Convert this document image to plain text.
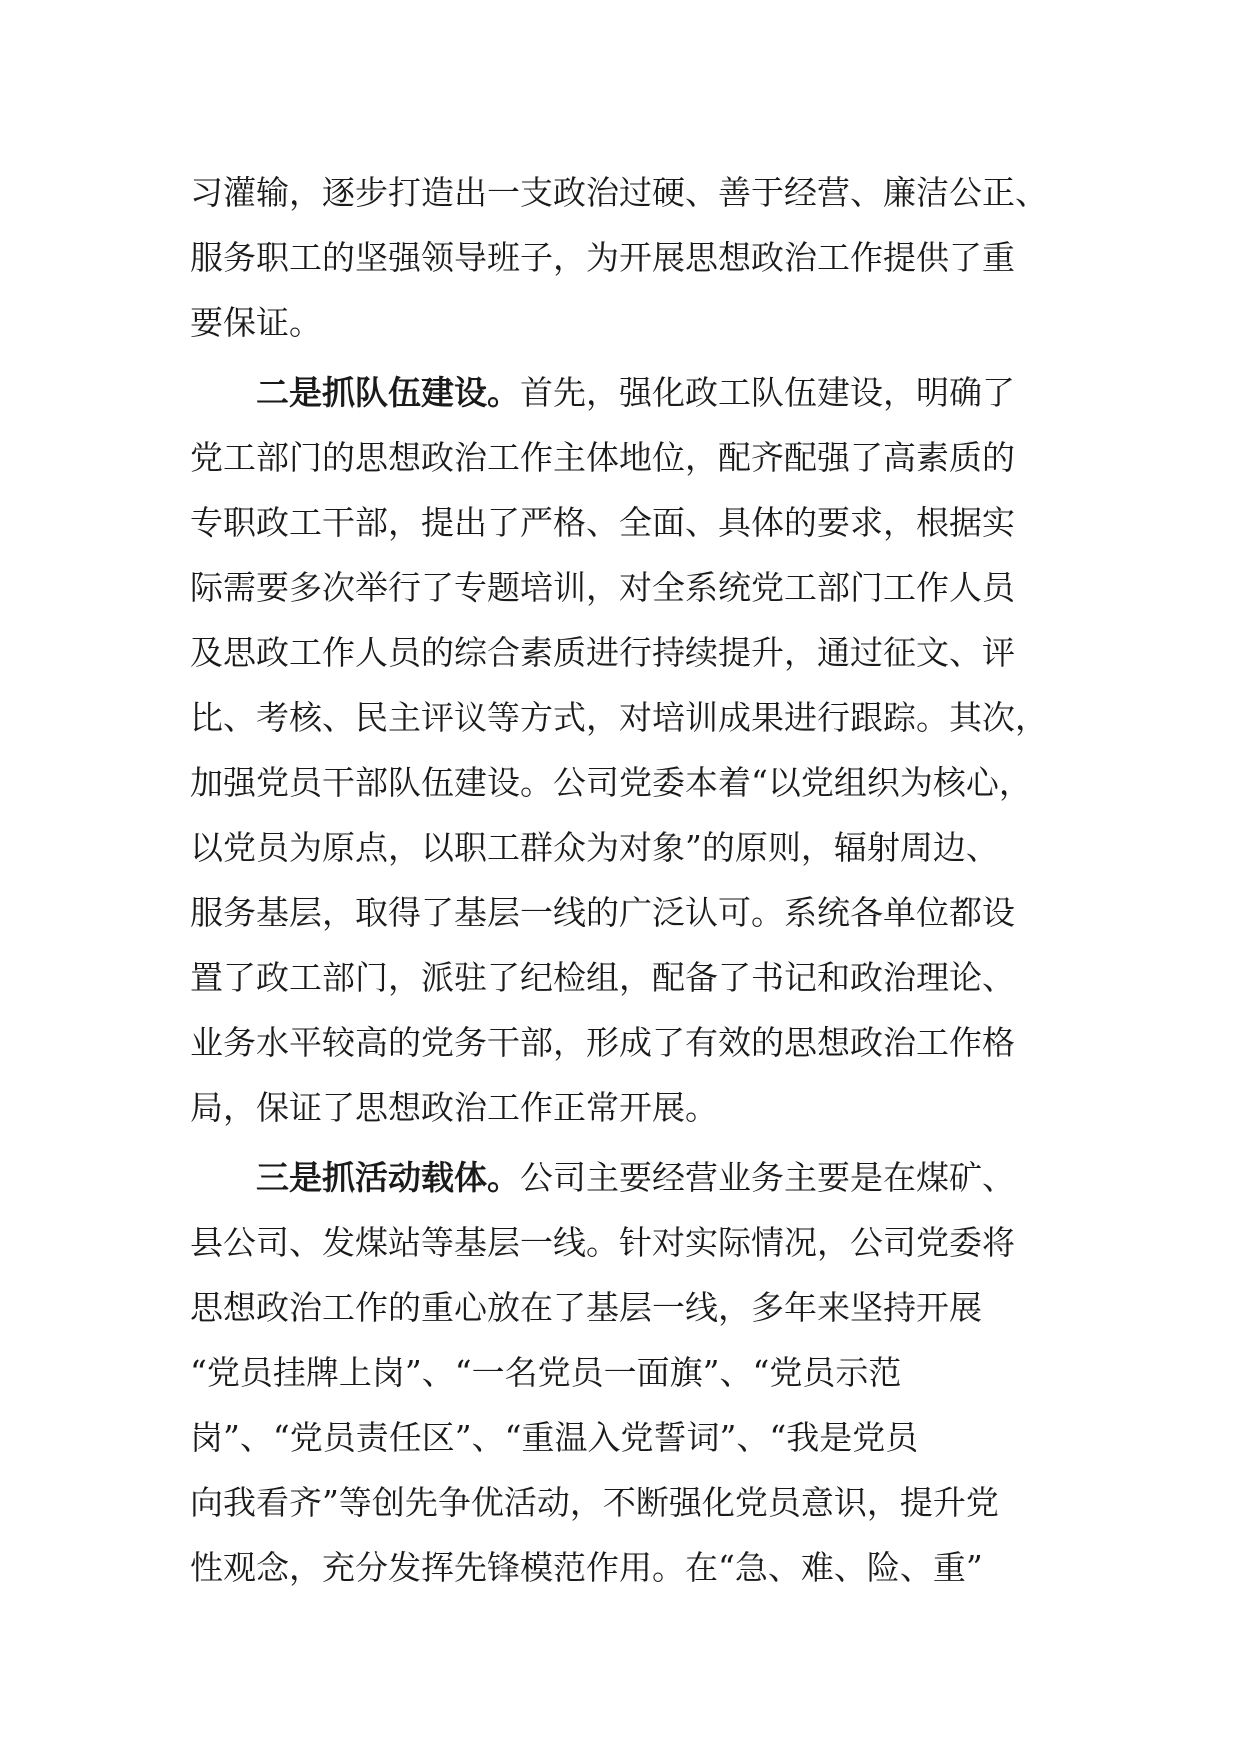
习灌输，逐步打造出一支政治过硬、善于经营、廉洁公正、
服务职工的坚强领导班子，为开展思想政治工作提供了重
要保证。
二是抓队伍建设。首先，强化政工队伍建设，明确了
党工部门的思想政治工作主体地位，配齐配强了高素质的
专职政工干部，提出了严格、全面、具体的要求，根据实
际需要多次举行了专题培训，对全系统党工部门工作人员
及思政工作人员的综合素质进行持续提升，通过征文、评
比、考核、民主评议等方式，对培训成果进行跟踪。其次，
加强党员干部队伍建设。公司党委本着“以党组织为核心，
以党员为原点，以职工群众为对象”的原则，辐射周边、
服务基层，取得了基层一线的广泛认可。系统各单位都设
置了政工部门，派驻了纪检组，配备了书记和政治理论、
业务水平较高的党务干部，形成了有效的思想政治工作格
局，保证了思想政治工作正常开展。
三是抓活动载体。公司主要经营业务主要是在煤矿、
县公司、发煤站等基层一线。针对实际情况，公司党委将
思想政治工作的重心放在了基层一线，多年来坚持开展
“党员挂牌上岗”、“一名党员一面旗”、“党员示范
岗”、“党员责任区”、“重温入党誓词”、“我是党员
向我看齐”等创先争优活动，不断强化党员意识，提升党
性观念，充分发挥先锋模范作用。在“急、难、险、重”
